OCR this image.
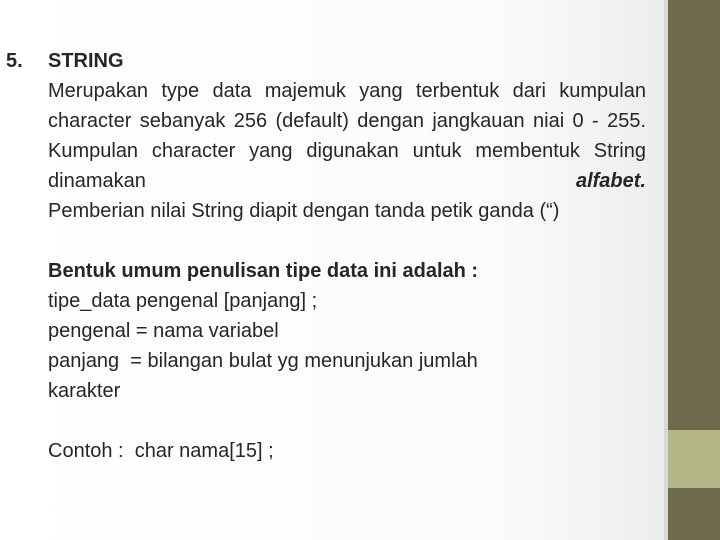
5. STRING
Merupakan type data majemuk yang terbentuk dari kumpulan character sebanyak 256 (default) dengan jangkauan niai 0 - 255. Kumpulan character yang digunakan untuk membentuk String dinamakan	alfabet.
Pemberian nilai String diapit dengan tanda petik ganda (“)
Bentuk umum penulisan tipe data ini adalah :
tipe_data pengenal [panjang] ;
pengenal = nama variabel
panjang  = bilangan bulat yg menunjukan jumlah
karakter
Contoh :  char nama[15] ;
